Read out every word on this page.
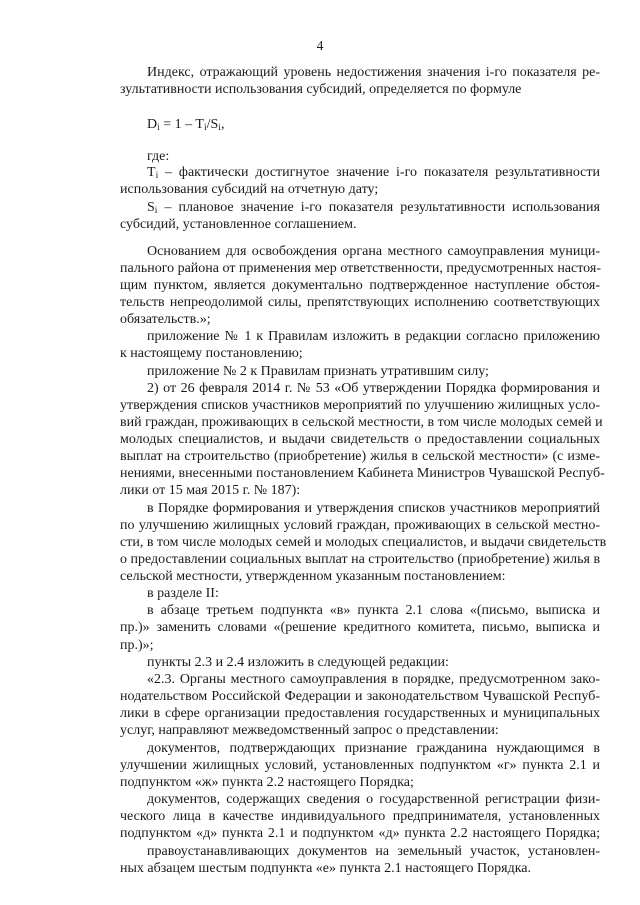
4
$D_i = 1 - T_i/S_i$,
Индекс, отражающий уровень недостижения значения i-го показателя ре-
зультативности использования субсидий, определяется по формуле
где:
$T_i$ – фактически достигнутое значение i-го показателя результативности
использования субсидий на отчетную дату;
$S_i$ – плановое значение i-го показателя результативности использования
субсидий, установленное соглашением.
Основанием для освобождения органа местного самоуправления муници-
пального района от применения мер ответственности, предусмотренных настоя-
щим пунктом, является документально подтвержденное наступление обстоя-
тельств непреодолимой силы, препятствующих исполнению соответствующих
обязательств.»;
приложение № 1 к Правилам изложить в редакции согласно приложению
к настоящему постановлению;
приложение № 2 к Правилам признать утратившим силу;
2) от 26 февраля 2014 г. № 53 «Об утверждении Порядка формирования и
утверждения списков участников мероприятий по улучшению жилищных усло-
вий граждан, проживающих в сельской местности, в том числе молодых семей и
молодых специалистов, и выдачи свидетельств о предоставлении социальных
выплат на строительство (приобретение) жилья в сельской местности» (с изме-
нениями, внесенными постановлением Кабинета Министров Чувашской Респуб-
лики от 15 мая 2015 г. № 187):
в Порядке формирования и утверждения списков участников мероприятий
по улучшению жилищных условий граждан, проживающих в сельской местно-
сти, в том числе молодых семей и молодых специалистов, и выдачи свидетельств
о предоставлении социальных выплат на строительство (приобретение) жилья в
сельской местности, утвержденном указанным постановлением:
в разделе II:
в абзаце третьем подпункта «в» пункта 2.1 слова «(письмо, выписка и
пр.)» заменить словами «(решение кредитного комитета, письмо, выписка и
пр.)»;
пункты 2.3 и 2.4 изложить в следующей редакции:
«2.3. Органы местного самоуправления в порядке, предусмотренном зако-
нодательством Российской Федерации и законодательством Чувашской Респуб-
лики в сфере организации предоставления государственных и муниципальных
услуг, направляют межведомственный запрос о представлении:
документов, подтверждающих признание гражданина нуждающимся в
улучшении жилищных условий, установленных подпунктом «г» пункта 2.1 и
подпунктом «ж» пункта 2.2 настоящего Порядка;
документов, содержащих сведения о государственной регистрации физи-
ческого лица в качестве индивидуального предпринимателя, установленных
подпунктом «д» пункта 2.1 и подпунктом «д» пункта 2.2 настоящего Порядка;
правоустанавливающих документов на земельный участок, установлен-
ных абзацем шестым подпункта «е» пункта 2.1 настоящего Порядка.
